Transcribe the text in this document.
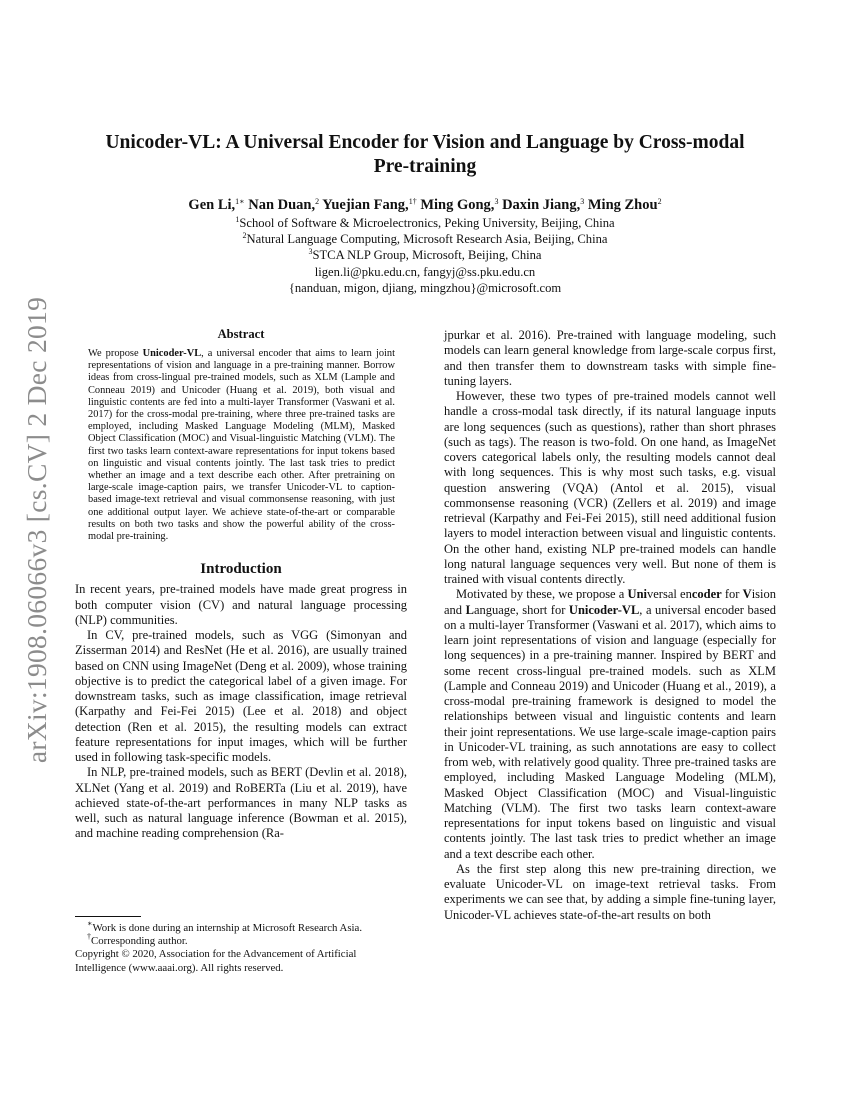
arXiv:1908.06066v3 [cs.CV] 2 Dec 2019
Unicoder-VL: A Universal Encoder for Vision and Language by Cross-modal Pre-training
Gen Li,$^{1∗}$ Nan Duan,$^2$ Yuejian Fang,$^{1\dagger}$ Ming Gong,$^3$ Daxin Jiang,$^3$ Ming Zhou$^2$
$^1$School of Software & Microelectronics, Peking University, Beijing, China
$^2$Natural Language Computing, Microsoft Research Asia, Beijing, China
$^3$STCA NLP Group, Microsoft, Beijing, China
ligen.li@pku.edu.cn, fangyj@ss.pku.edu.cn
{nanduan, migon, djiang, mingzhou}@microsoft.com
Abstract

We propose Unicoder-VL, a universal encoder that aims to learn joint representations of vision and language in a pre-training manner. Borrow ideas from cross-lingual pre-trained models, such as XLM (Lample and Conneau 2019) and Unicoder (Huang et al. 2019), both visual and linguistic contents are fed into a multi-layer Transformer (Vaswani et al. 2017) for the cross-modal pre-training, where three pre-trained tasks are employed, including Masked Language Modeling (MLM), Masked Object Classification (MOC) and Visual-linguistic Matching (VLM). The first two tasks learn context-aware representations for input tokens based on linguistic and visual contents jointly. The last task tries to predict whether an image and a text describe each other. After pretraining on large-scale image-caption pairs, we transfer Unicoder-VL to caption-based image-text retrieval and visual commonsense reasoning, with just one additional output layer. We achieve state-of-the-art or comparable results on both two tasks and show the powerful ability of the cross-modal pre-training.

Introduction

In recent years, pre-trained models have made great progress in both computer vision (CV) and natural language processing (NLP) communities.

In CV, pre-trained models, such as VGG (Simonyan and Zisserman 2014) and ResNet (He et al. 2016), are usually trained based on CNN using ImageNet (Deng et al. 2009), whose training objective is to predict the categorical label of a given image. For downstream tasks, such as image classification, image retrieval (Karpathy and Fei-Fei 2015) (Lee et al. 2018) and object detection (Ren et al. 2015), the resulting models can extract feature representations for input images, which will be further used in following task-specific models.

In NLP, pre-trained models, such as BERT (Devlin et al. 2018), XLNet (Yang et al. 2019) and RoBERTa (Liu et al. 2019), have achieved state-of-the-art performances in many NLP tasks as well, such as natural language inference (Bowman et al. 2015), and machine reading comprehension (Ra-

∗Work is done during an internship at Microsoft Research Asia.

†Corresponding author.

Copyright © 2020, Association for the Advancement of Artificial Intelligence (www.aaai.org). All rights reserved.

jpurkar et al. 2016). Pre-trained with language modeling, such models can learn general knowledge from large-scale corpus first, and then transfer them to downstream tasks with simple fine-tuning layers.

However, these two types of pre-trained models cannot well handle a cross-modal task directly, if its natural language inputs are long sequences (such as questions), rather than short phrases (such as tags). The reason is two-fold. On one hand, as ImageNet covers categorical labels only, the resulting models cannot deal with long sequences. This is why most such tasks, e.g. visual question answering (VQA) (Antol et al. 2015), visual commonsense reasoning (VCR) (Zellers et al. 2019) and image retrieval (Karpathy and Fei-Fei 2015), still need additional fusion layers to model interaction between visual and linguistic contents. On the other hand, existing NLP pre-trained models can handle long natural language sequences very well. But none of them is trained with visual contents directly.

Motivated by these, we propose a Universal encoder for Vision and Language, short for Unicoder-VL, a universal encoder based on a multi-layer Transformer (Vaswani et al. 2017), which aims to learn joint representations of vision and language (especially for long sequences) in a pre-training manner. Inspired by BERT and some recent cross-lingual pre-trained models. such as XLM (Lample and Conneau 2019) and Unicoder (Huang et al., 2019), a cross-modal pre-training framework is designed to model the relationships between visual and linguistic contents and learn their joint representations. We use large-scale image-caption pairs in Unicoder-VL training, as such annotations are easy to collect from web, with relatively good quality. Three pre-trained tasks are employed, including Masked Language Modeling (MLM), Masked Object Classification (MOC) and Visual-linguistic Matching (VLM). The first two tasks learn context-aware representations for input tokens based on linguistic and visual contents jointly. The last task tries to predict whether an image and a text describe each other.

As the first step along this new pre-training direction, we evaluate Unicoder-VL on image-text retrieval tasks. From experiments we can see that, by adding a simple fine-tuning layer, Unicoder-VL achieves state-of-the-art results on both
